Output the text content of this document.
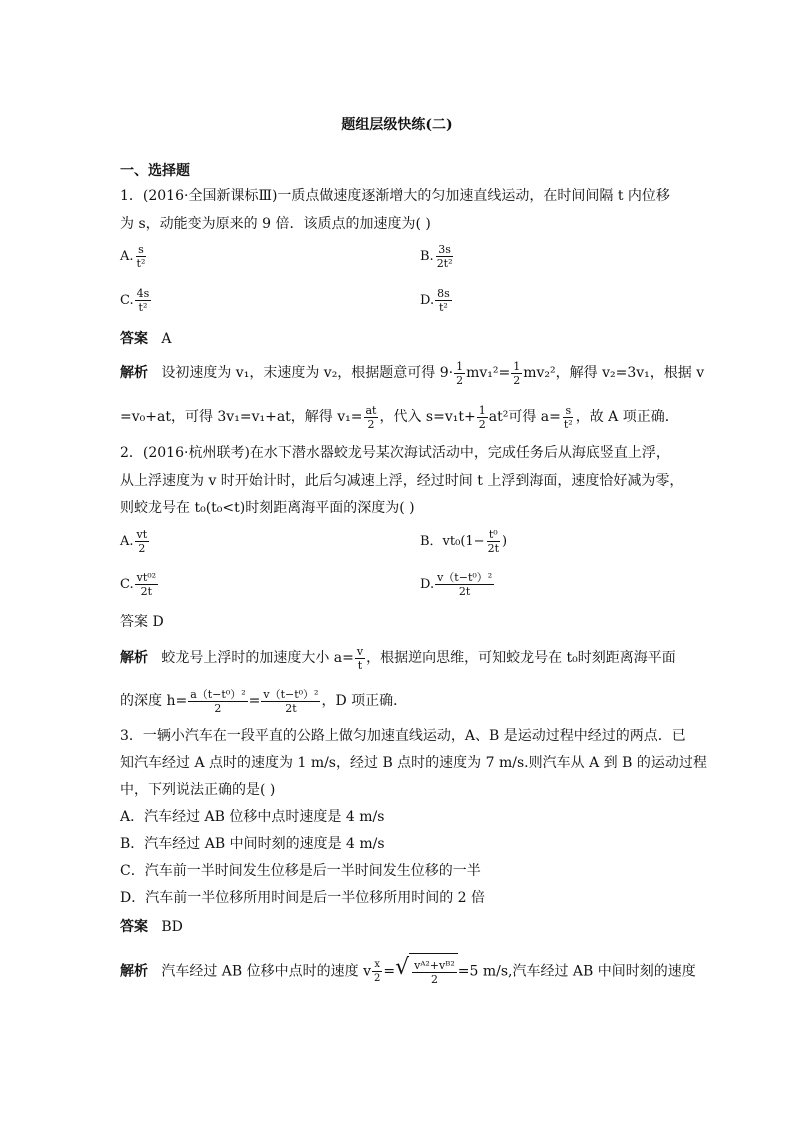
题组层级快练(二)
一、选择题
1．(2016·全国新课标Ⅲ)一质点做速度逐渐增大的匀加速直线运动，在时间间隔 t 内位移
为 s，动能变为原来的 9 倍．该质点的加速度为( )
A. $\frac{s}{\text{t²}}$	B. $\frac{3s}{\text{2t²}}$
C. $\frac{4s}{\text{t²}}$	D. $\frac{8s}{\text{t²}}$
答案 A
解析 设初速度为 v₁，末速度为 v₂，根据题意可得 $9\cdot \frac{1}{2} mv_1^2= \frac{1}{2} mv_2^2$，解得 v₂=3v₁，根据 v
=v₀+at，可得 3v₁=v₁+at，解得 $v_1= \frac{at}{2}$ ，代入 $s=v_1t+ \frac{1}{2} at^2$可得 $a= \frac{s}{\text{t²}}$ ，故 A 项正确．
2．(2016·杭州联考)在水下潜水器蛟龙号某次海试活动中，完成任务后从海底竖直上浮，
从上浮速度为 v 时开始计时，此后匀减速上浮，经过时间 t 上浮到海面，速度恰好减为零，
则蛟龙号在 t₀(t₀<t)时刻距离海平面的深度为( )
A. $\frac{vt}{2}$	B．$vt_0(1- \frac{\text{t⁰}}{2t}$ )
C. $\frac{\text{vt⁰²}}{2t}$	D. $\frac{\text{v（t−t⁰）²}}{2t}$
答案 D
解析 蛟龙号上浮时的加速度大小 $a= \frac{v}{t}$ ，根据逆向思维，可知蛟龙号在 t₀时刻距离海平面
的深度 $h= \frac{\text{a（t−t⁰）²}}{2} = \frac{\text{v（t−t⁰）²}}{2t}$ ，D 项正确．
3．一辆小汽车在一段平直的公路上做匀加速直线运动，A、B 是运动过程中经过的两点．已
知汽车经过 A 点时的速度为 1 m/s，经过 B 点时的速度为 7 m/s.则汽车从 A 到 B 的运动过程
中，下列说法正确的是( )
A．汽车经过 AB 位移中点时速度是 4 m/s
B．汽车经过 AB 中间时刻的速度是 4 m/s
C．汽车前一半时间发生位移是后一半时间发生位移的一半
D．汽车前一半位移所用时间是后一半位移所用时间的 2 倍
答案 BD
解析 汽车经过 AB 位移中点时的速度 v $\frac{x}{2}$ = √ $\frac{\text{vᴬ²+vᴮ²}}{2} =5$ m/s,汽车经过 AB 中间时刻的速度
